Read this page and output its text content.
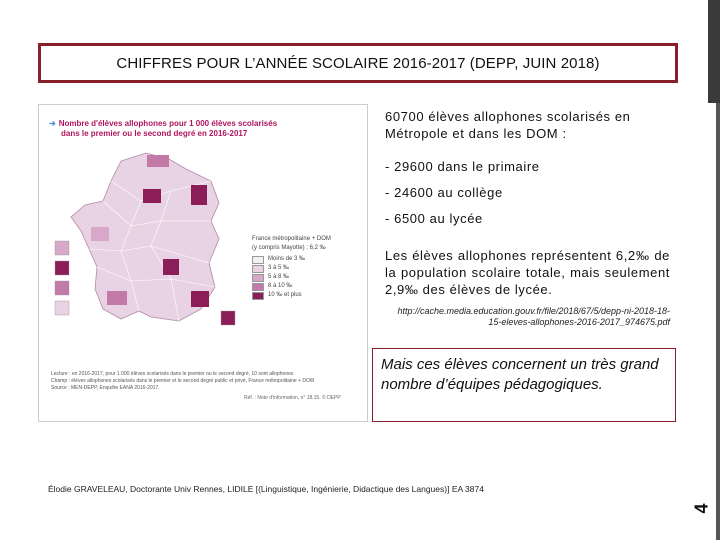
CHIFFRES POUR L’ANNÉE SCOLAIRE 2016-2017 (DEPP, JUIN 2018)
➔ Nombre d'élèves allophones pour 1 000 élèves scolarisés
dans le premier ou le second degré en 2016-2017
France métropolitaine + DOM
(y compris Mayotte) : 6,2 ‰
Moins de 3 ‰
3 à 5 ‰
5 à 8 ‰
8 à 10 ‰
10 ‰ et plus
Lecture : en 2016-2017, pour 1 000 élèves scolarisés dans le premier ou le second degré, 10 sont allophones
Champ : élèves allophones scolarisés dans le premier et le second degré public et privé, France métropolitaine + DOM
Source : MEN-DEPP, Enquête EANA 2016-2017.
Réf. : Note d'information, n° 18.15. © DEPP

60700 élèves allophones scolarisés en Métropole et dans les DOM :

- 29600 dans le primaire

- 24600 au collège

- 6500 au lycée

Les élèves allophones représentent 6,2‰ de la population scolaire totale, mais seulement 2,9‰ des élèves de lycée.

http://cache.media.education.gouv.fr/file/2018/67/5/depp-ni-2018-18-15-eleves-allophones-2016-2017_974675.pdf

Mais ces élèves concernent un très grand nombre d’équipes pédagogiques.
Élodie GRAVELEAU, Doctorante Univ Rennes, LIDILE [(Linguistique, Ingénierie, Didactique des Langues)] EA 3874
4
